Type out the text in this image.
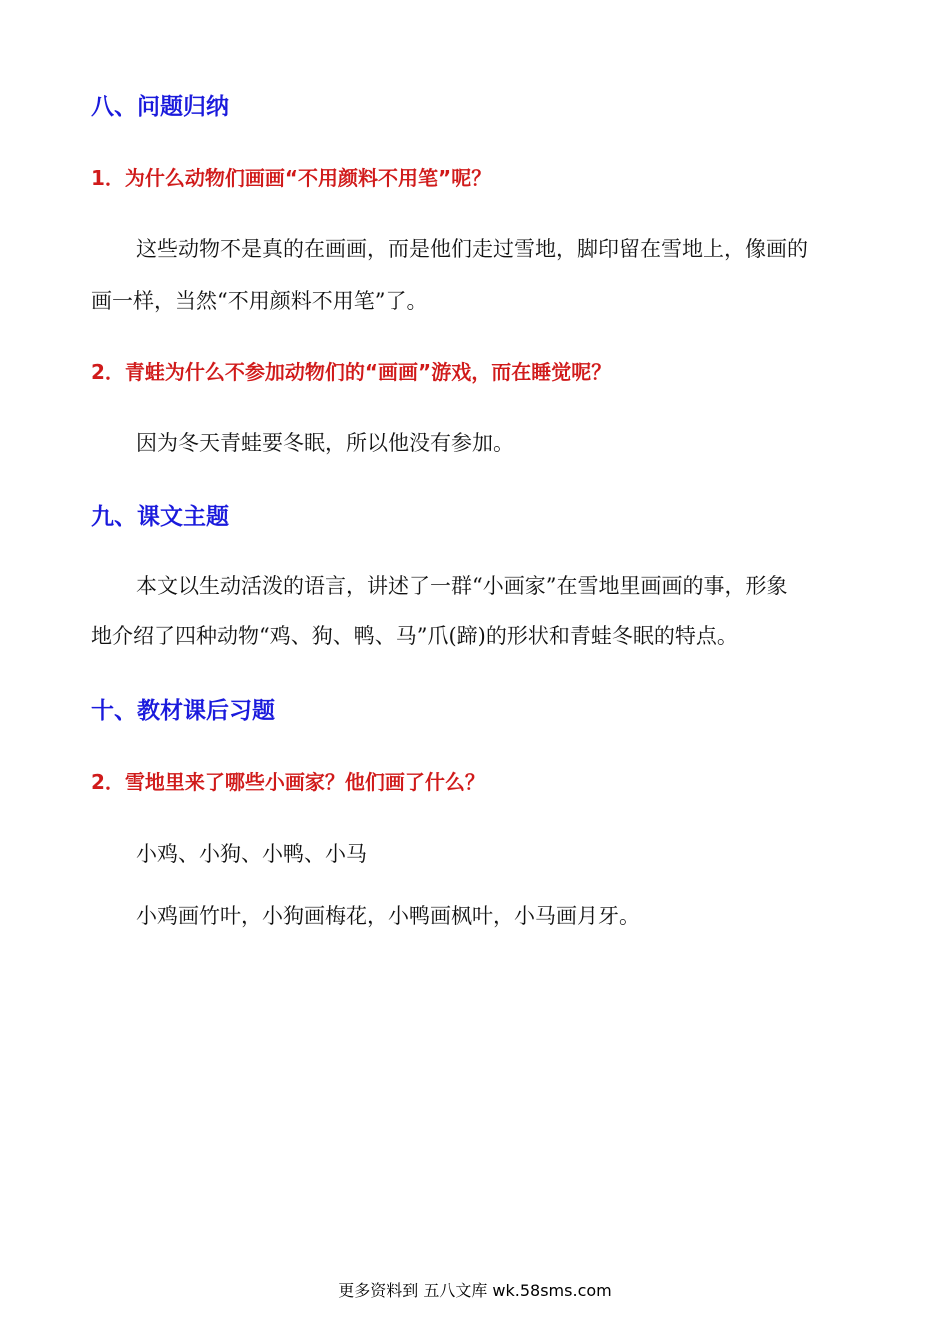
八、问题归纳
1．为什么动物们画画“不用颜料不用笔”呢？
这些动物不是真的在画画，而是他们走过雪地，脚印留在雪地上，像画的
画一样，当然“不用颜料不用笔”了。
2．青蛙为什么不参加动物们的“画画”游戏，而在睡觉呢？
因为冬天青蛙要冬眠，所以他没有参加。
九、课文主题
本文以生动活泼的语言，讲述了一群“小画家”在雪地里画画的事，形象
地介绍了四种动物“鸡、狗、鸭、马”爪(蹄)的形状和青蛙冬眠的特点。
十、教材课后习题
2．雪地里来了哪些小画家？他们画了什么？
小鸡、小狗、小鸭、小马
小鸡画竹叶，小狗画梅花，小鸭画枫叶，小马画月牙。
更多资料到 五八文库 wk.58sms.com
